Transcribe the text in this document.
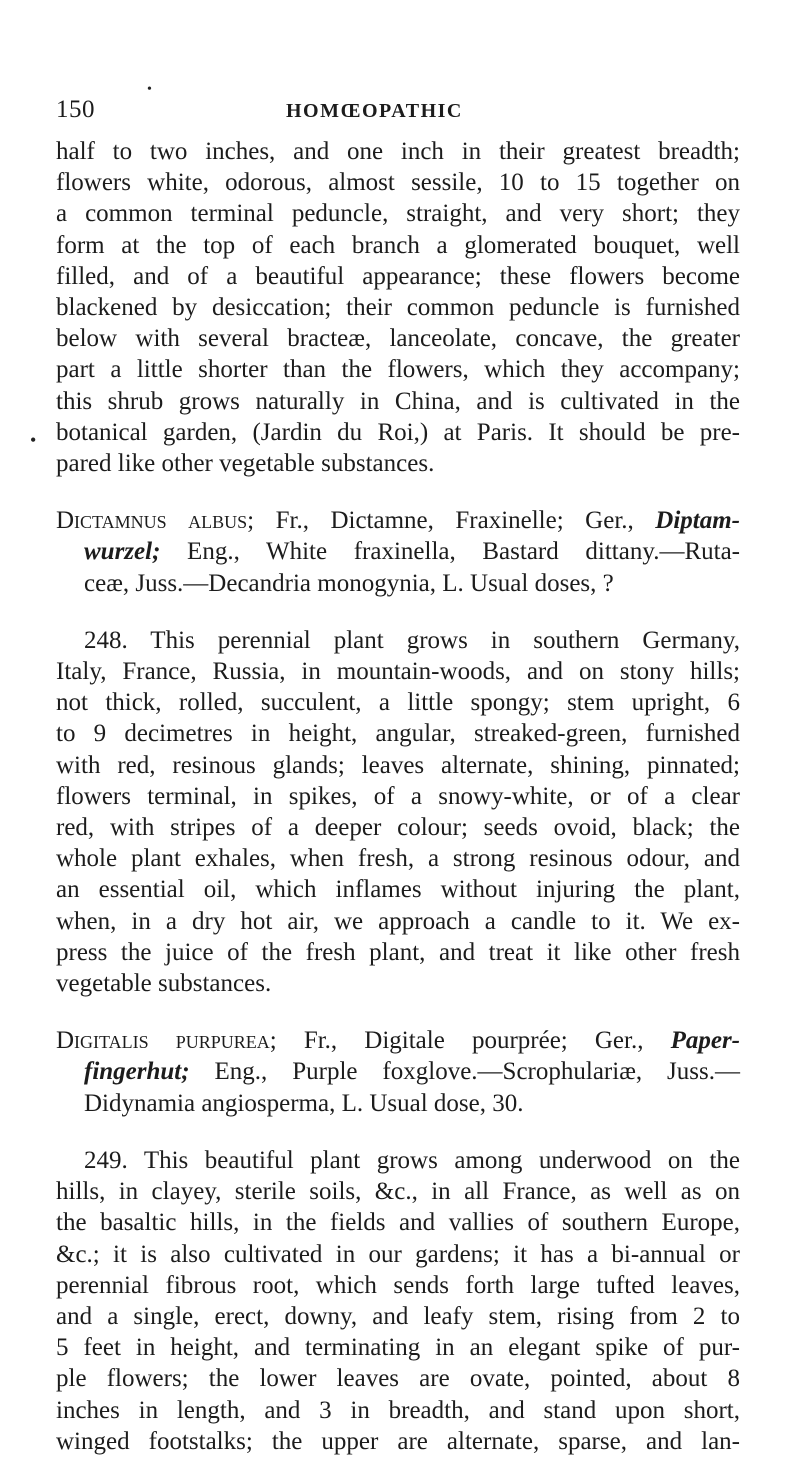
•
•
150	HOMŒOPATHIC
half to two inches, and one inch in their greatest breadth;
flowers white, odorous, almost sessile, 10 to 15 together on
a common terminal peduncle, straight, and very short; they
form at the top of each branch a glomerated bouquet, well
filled, and of a beautiful appearance; these flowers become
blackened by desiccation; their common peduncle is furnished
below with several bracteæ, lanceolate, concave, the greater
part a little shorter than the flowers, which they accompany;
this shrub grows naturally in China, and is cultivated in the
botanical garden, (Jardin du Roi,) at Paris. It should be pre-
pared like other vegetable substances.
Dictamnus albus; Fr., Dictamne, Fraxinelle; Ger., Diptam-
wurzel; Eng., White fraxinella, Bastard dittany.—Ruta-
ceæ, Juss.—Decandria monogynia, L. Usual doses, ?
248. This perennial plant grows in southern Germany,
Italy, France, Russia, in mountain-woods, and on stony hills;
not thick, rolled, succulent, a little spongy; stem upright, 6
to 9 decimetres in height, angular, streaked-green, furnished
with red, resinous glands; leaves alternate, shining, pinnated;
flowers terminal, in spikes, of a snowy-white, or of a clear
red, with stripes of a deeper colour; seeds ovoid, black; the
whole plant exhales, when fresh, a strong resinous odour, and
an essential oil, which inflames without injuring the plant,
when, in a dry hot air, we approach a candle to it. We ex-
press the juice of the fresh plant, and treat it like other fresh
vegetable substances.
Digitalis purpurea; Fr., Digitale pourprée; Ger., Paper-
fingerhut; Eng., Purple foxglove.—Scrophulariæ, Juss.—
Didynamia angiosperma, L. Usual dose, 30.
249. This beautiful plant grows among underwood on the
hills, in clayey, sterile soils, &c., in all France, as well as on
the basaltic hills, in the fields and vallies of southern Europe,
&c.; it is also cultivated in our gardens; it has a bi-annual or
perennial fibrous root, which sends forth large tufted leaves,
and a single, erect, downy, and leafy stem, rising from 2 to
5 feet in height, and terminating in an elegant spike of pur-
ple flowers; the lower leaves are ovate, pointed, about 8
inches in length, and 3 in breadth, and stand upon short,
winged footstalks; the upper are alternate, sparse, and lan-
